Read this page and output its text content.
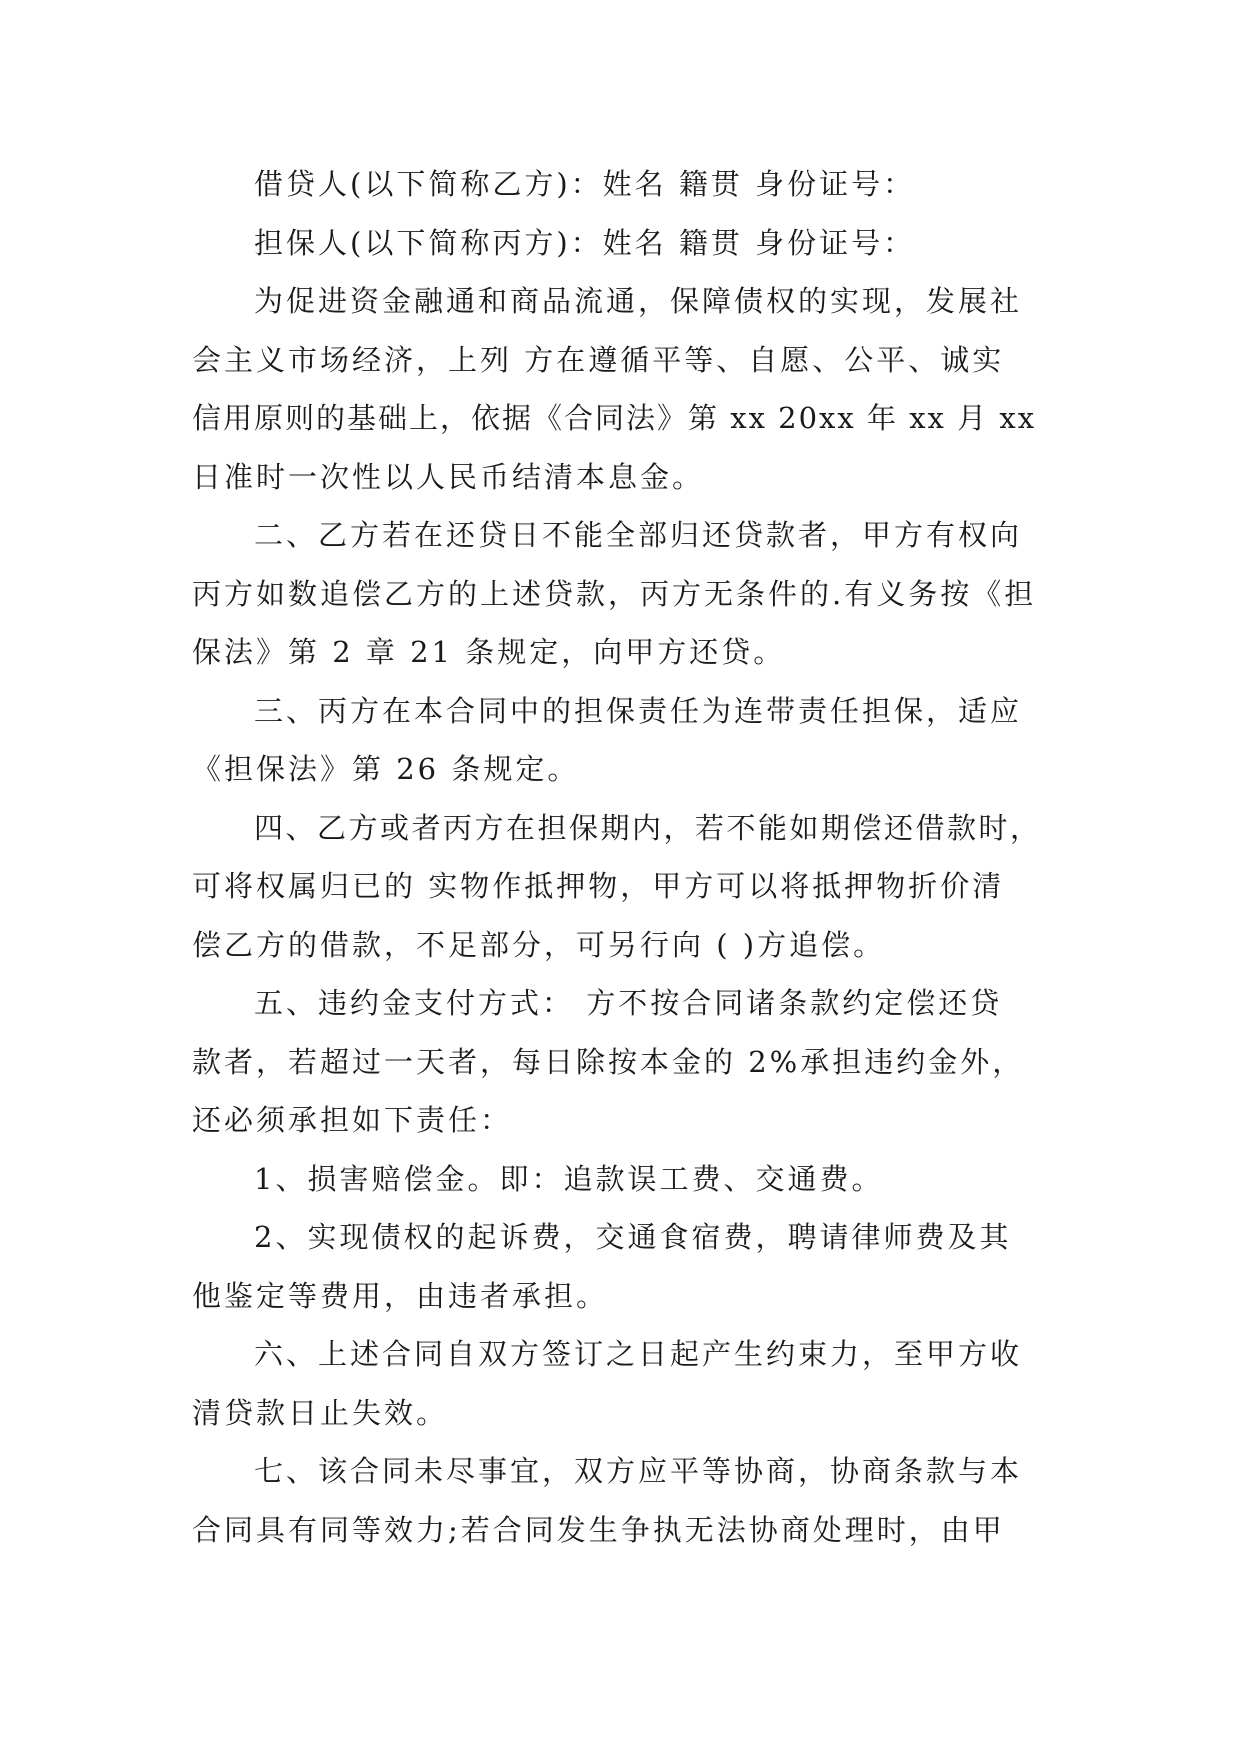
借贷人(以下简称乙方)：姓名 籍贯 身份证号：

担保人(以下简称丙方)：姓名 籍贯 身份证号：

为促进资金融通和商品流通，保障债权的实现，发展社
会主义市场经济，上列 方在遵循平等、自愿、公平、诚实
信用原则的基础上，依据《合同法》第 xx 20xx 年 xx 月 xx
日准时一次性以人民币结清本息金。

二、乙方若在还贷日不能全部归还贷款者，甲方有权向
丙方如数追偿乙方的上述贷款，丙方无条件的.有义务按《担
保法》第 2 章 21 条规定，向甲方还贷。

三、丙方在本合同中的担保责任为连带责任担保，适应
《担保法》第 26 条规定。

四、乙方或者丙方在担保期内，若不能如期偿还借款时，
可将权属归已的 实物作抵押物，甲方可以将抵押物折价清
偿乙方的借款，不足部分，可另行向 ( )方追偿。

五、违约金支付方式： 方不按合同诸条款约定偿还贷
款者，若超过一天者，每日除按本金的 2%承担违约金外，
还必须承担如下责任：

1、损害赔偿金。即：追款误工费、交通费。

2、实现债权的起诉费，交通食宿费，聘请律师费及其
他鉴定等费用，由违者承担。

六、上述合同自双方签订之日起产生约束力，至甲方收
清贷款日止失效。

七、该合同未尽事宜，双方应平等协商，协商条款与本
合同具有同等效力;若合同发生争执无法协商处理时，由甲
